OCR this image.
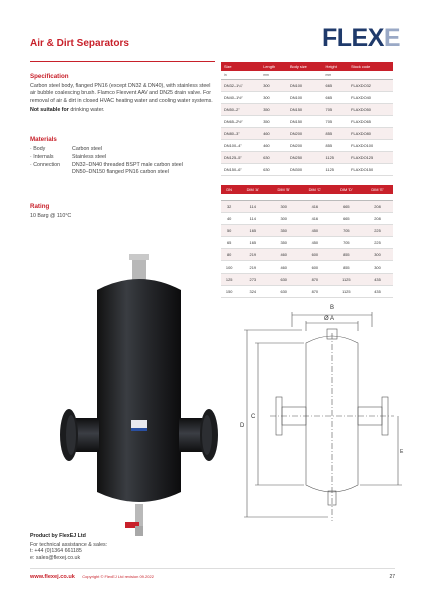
Air & Dirt Separators	FLEXE
Specification

Carbon steel body, flanged PN16 (except DN32 & DN40), with stainless steel air bubble coalescing brush. Flamco Flexvent AAV and DN25 drain valve. For removal of air & dirt in closed HVAC heating water and cooling water systems.

Not suitable for drinking water.

Materials
· Body	Carbon steel
· Internals	Stainless steel
· Connection	DN32–DN40 threaded BSPT male carbon steel
DN50–DN150 flanged PN16 carbon steel
Rating

10 Barg @ 110°C

Size	Length	Body size	Height	Stock code
in	mm		mm	
DN32–1¼"	300	DN100	665	FLAXDO32
DN40–1½"	300	DN100	665	FLAXDO40
DN50–2"	350	DN150	705	FLAXDO50
DN65–2½"	350	DN150	705	FLAXDO65
DN80–3"	460	DN200	855	FLAXDO80
DN100–4"	460	DN200	855	FLAXDO100
DN125–5"	630	DN250	1125	FLAXDO125
DN150–6"	630	DN300	1125	FLAXDO150
DN	DIM 'A'	DIM 'B'	DIM 'C'	DIM 'D'	DIM 'E'

32	114	300	416	665	208
40	114	300	416	665	208
50	165	350	450	705	225
65	165	350	450	705	225
80	219	460	600	855	300
100	219	460	600	855	300
125	273	630	870	1125	435
150	324	630	870	1125	435
B
Ø A
D
C
E
Product by FlexEJ Ltd
For technical assistance & sales:
t: +44 (0)1364 661185
e: sales@flexej.co.uk
www.flexej.co.uk Copyright © FlexEJ Ltd revision 09.2022	27
